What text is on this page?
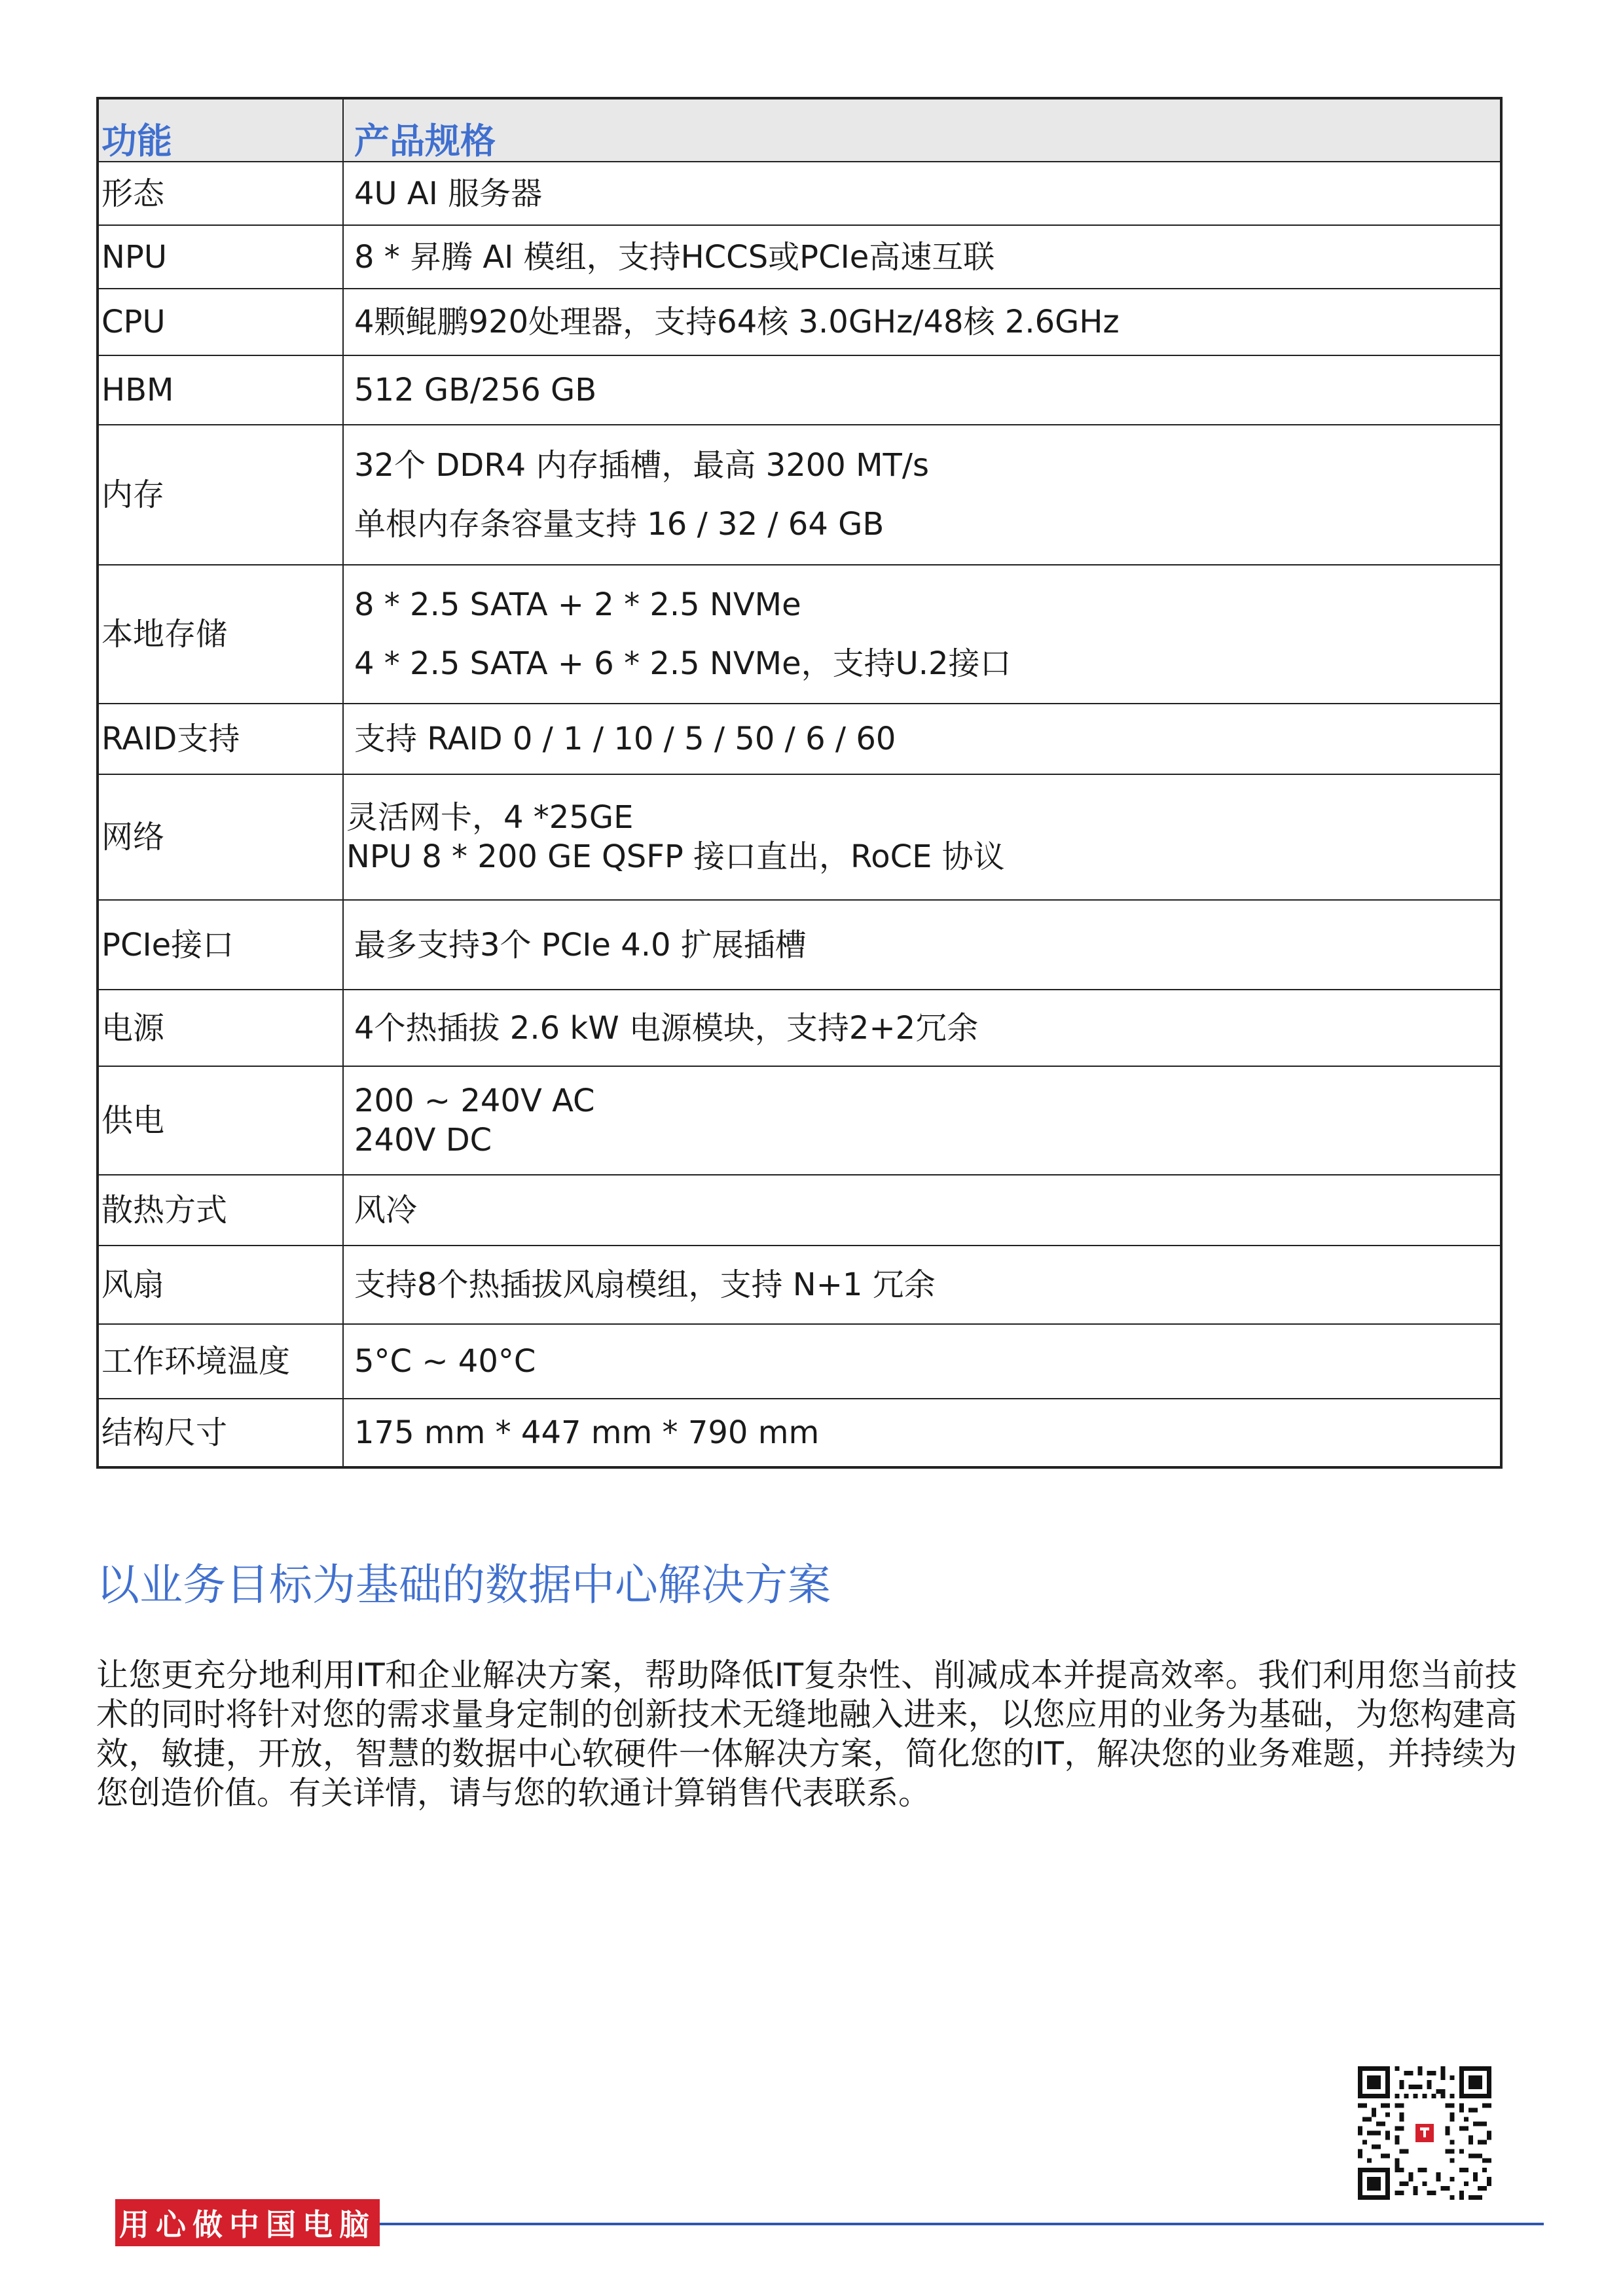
功能	产品规格
形态	4U AI 服务器
NPU	8 * 昇腾 AI 模组，支持HCCS或PCIe高速互联
CPU	4颗鲲鹏920处理器，支持64核 3.0GHz/48核 2.6GHz
HBM	512 GB/256 GB
内存	32个 DDR4 内存插槽，最高 3200 MT/s
单根内存条容量支持 16 / 32 / 64 GB

本地存储	8 * 2.5 SATA + 2 * 2.5 NVMe
4 * 2.5 SATA + 6 * 2.5 NVMe，支持U.2接口

RAID支持	支持 RAID 0 / 1 / 10 / 5 / 50 / 6 / 60
网络	灵活网卡，4 *25GE
NPU 8 * 200 GE QSFP 接口直出，RoCE 协议

PCIe接口	最多支持3个 PCIe 4.0 扩展插槽
电源	4个热插拔 2.6 kW 电源模块，支持2+2冗余
供电	200 ~ 240V AC
240V DC

散热方式	风冷
风扇	支持8个热插拔风扇模组，支持 N+1 冗余
工作环境温度	5°C ~ 40°C
结构尺寸	175 mm * 447 mm * 790 mm
以业务目标为基础的数据中心解决方案

让您更充分地利用IT和企业解决方案，帮助降低IT复杂性、削减成本并提高效率。我们利用您当前技术的同时将针对您的需求量身定制的创新技术无缝地融入进来，以您应用的业务为基础，为您构建高效，敏捷，开放，智慧的数据中心软硬件一体解决方案，简化您的IT，解决您的业务难题，并持续为您创造价值。有关详情，请与您的软通计算销售代表联系。

用心做中国电脑
